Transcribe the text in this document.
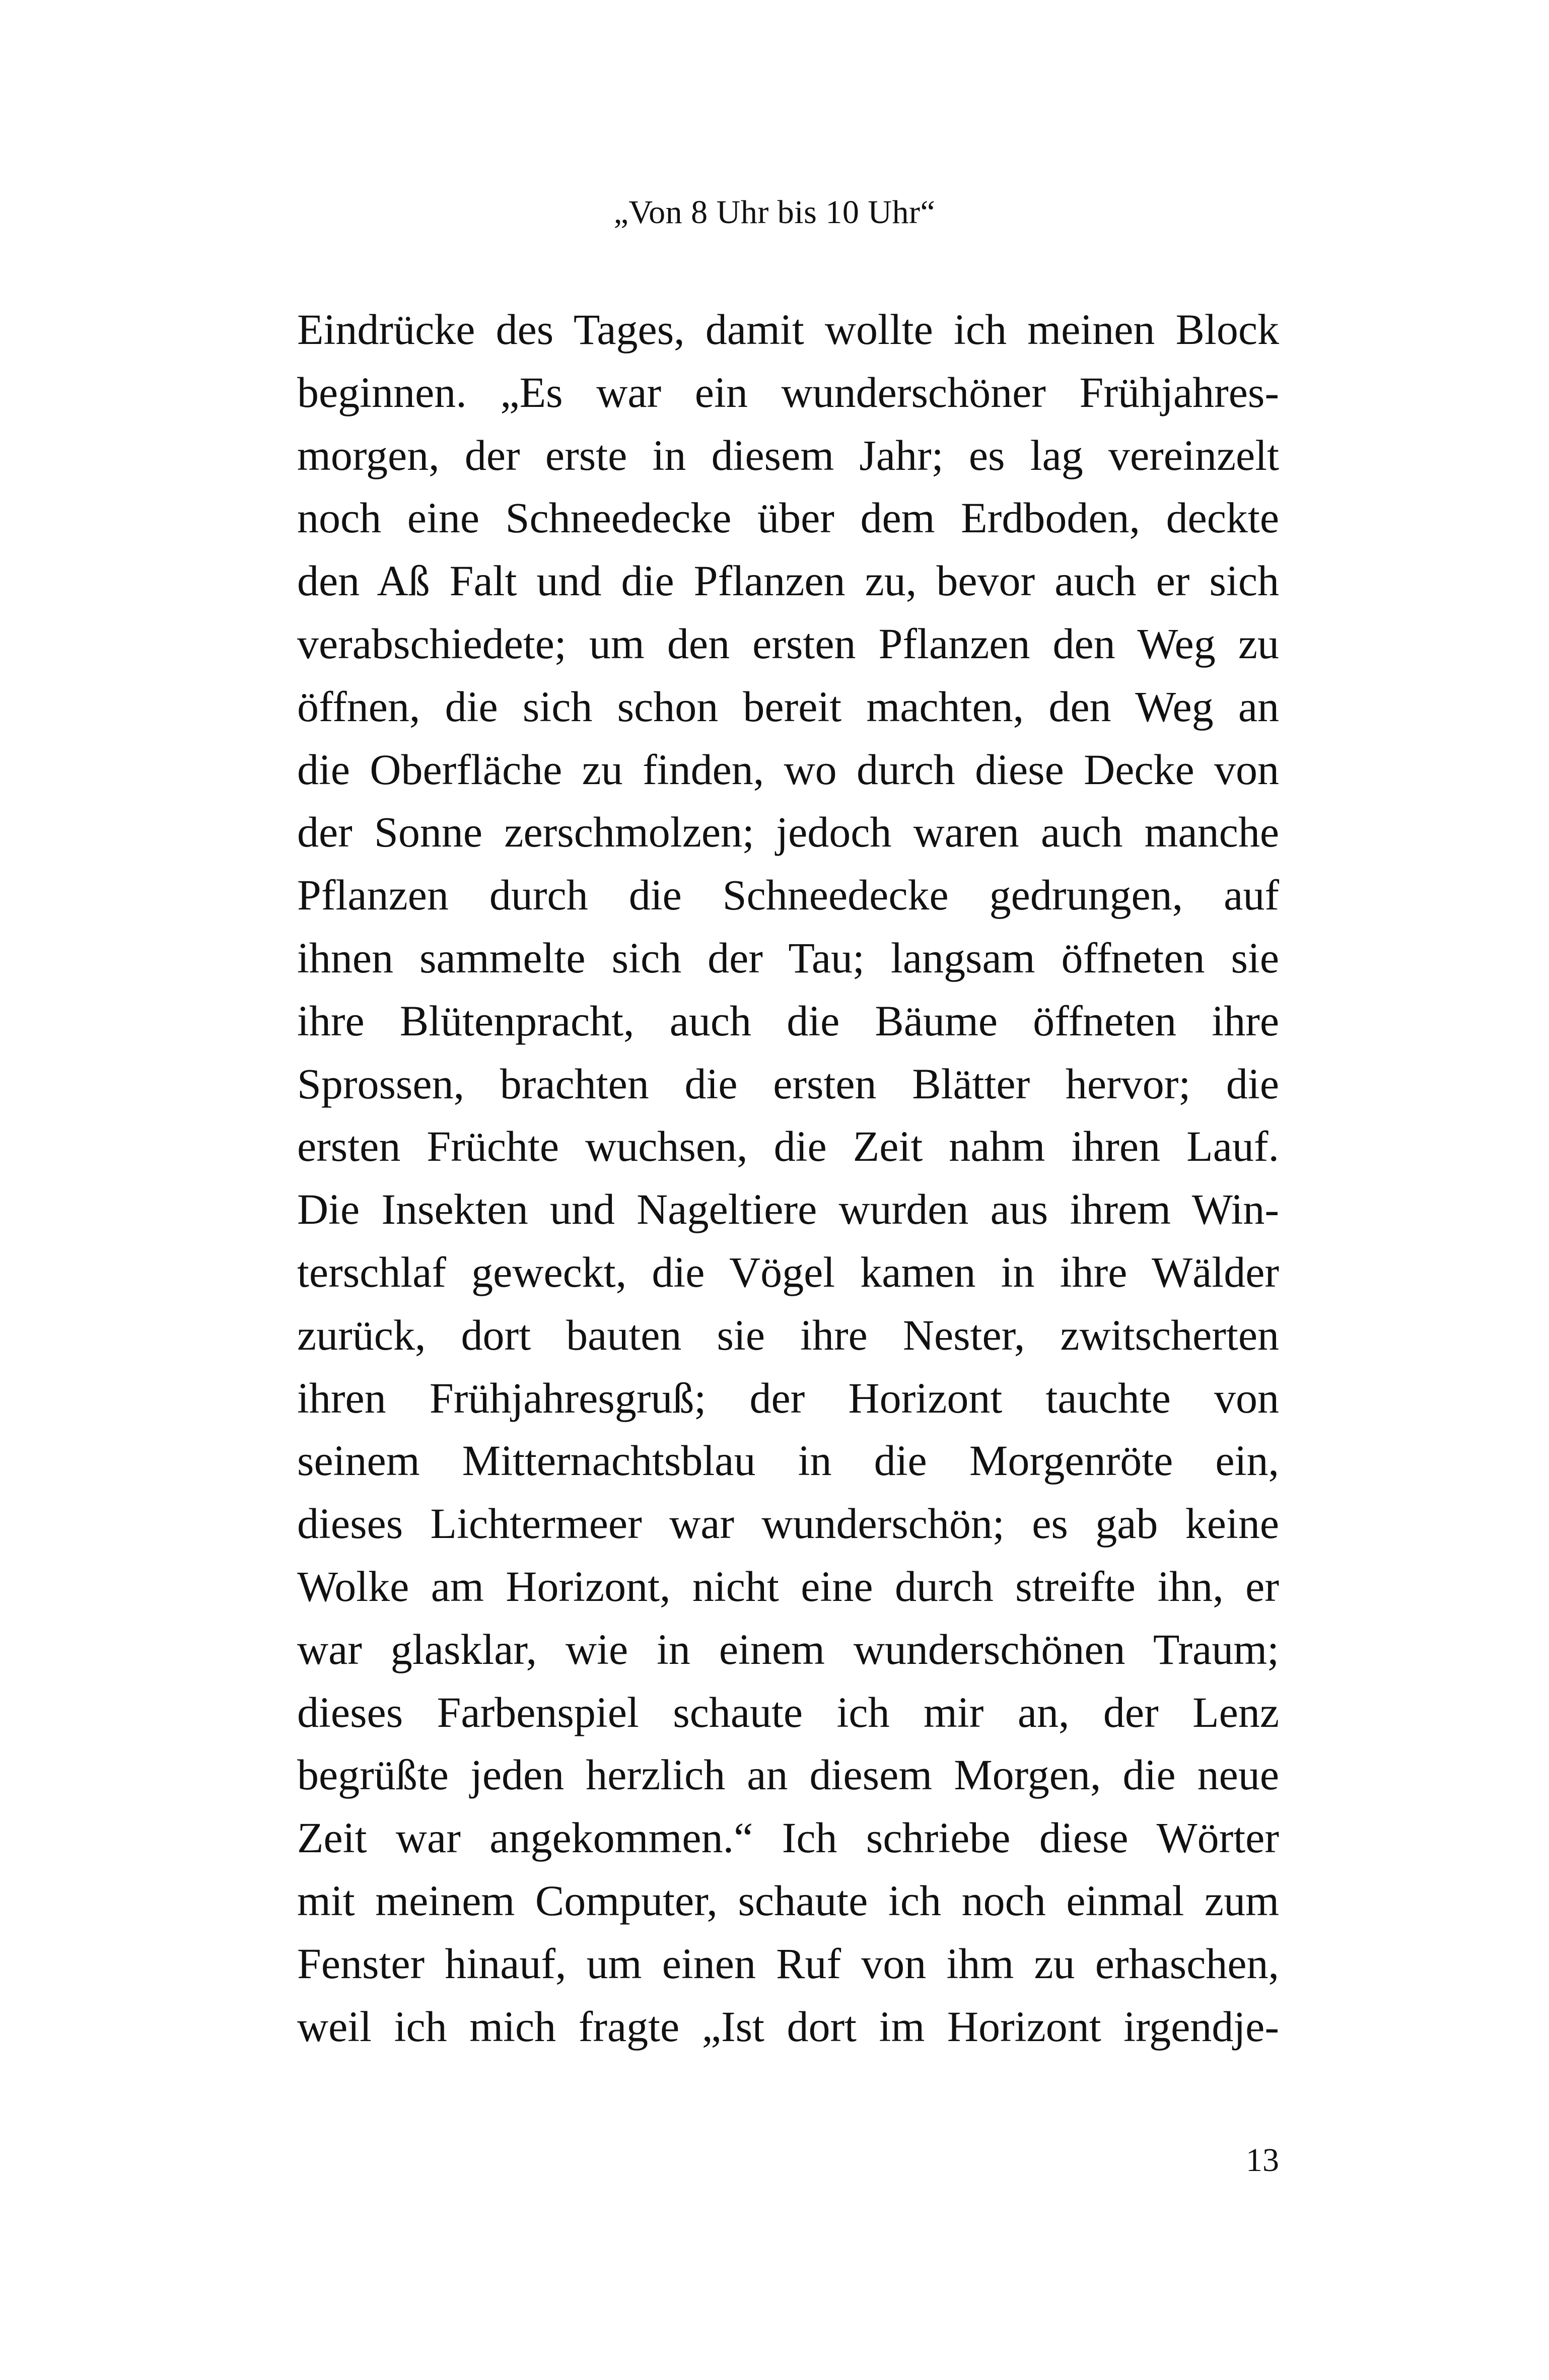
„Von 8 Uhr bis 10 Uhr“
Eindrücke des Tages, damit wollte ich meinen Block
beginnen. „Es war ein wunderschöner Frühjahres-
morgen, der erste in diesem Jahr; es lag vereinzelt
noch eine Schneedecke über dem Erdboden, deckte
den Aß Falt und die Pflanzen zu, bevor auch er sich
verabschiedete; um den ersten Pflanzen den Weg zu
öffnen, die sich schon bereit machten, den Weg an
die Oberfläche zu finden, wo durch diese Decke von
der Sonne zerschmolzen; jedoch waren auch manche
Pflanzen durch die Schneedecke gedrungen, auf
ihnen sammelte sich der Tau; langsam öffneten sie
ihre Blütenpracht, auch die Bäume öffneten ihre
Sprossen, brachten die ersten Blätter hervor; die
ersten Früchte wuchsen, die Zeit nahm ihren Lauf.
Die Insekten und Nageltiere wurden aus ihrem Win-
terschlaf geweckt, die Vögel kamen in ihre Wälder
zurück, dort bauten sie ihre Nester, zwitscherten
ihren Frühjahresgruß; der Horizont tauchte von
seinem Mitternachtsblau in die Morgenröte ein,
dieses Lichtermeer war wunderschön; es gab keine
Wolke am Horizont, nicht eine durch streifte ihn, er
war glasklar, wie in einem wunderschönen Traum;
dieses Farbenspiel schaute ich mir an, der Lenz
begrüßte jeden herzlich an diesem Morgen, die neue
Zeit war angekommen.“ Ich schriebe diese Wörter
mit meinem Computer, schaute ich noch einmal zum
Fenster hinauf, um einen Ruf von ihm zu erhaschen,
weil ich mich fragte „Ist dort im Horizont irgendje-
13
